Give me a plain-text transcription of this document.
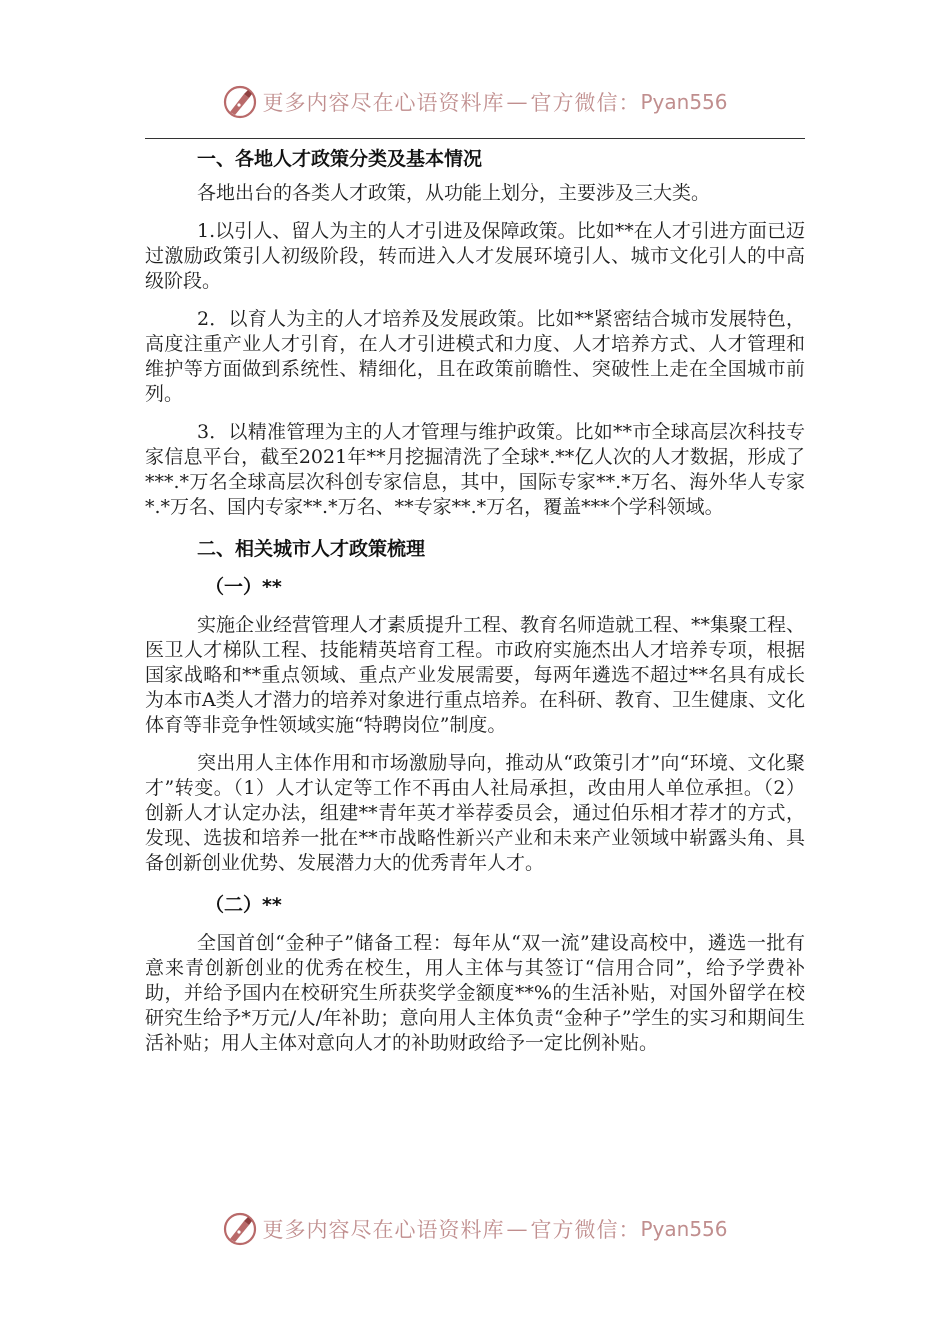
更多内容尽在心语资料库 — 官方微信： Pyan556
一、各地人才政策分类及基本情况

各地出台的各类人才政策，从功能上划分，主要涉及三大类。

1.以引人、留人为主的人才引进及保障政策。比如**在人才引进方面已迈过激励政策引人初级阶段，转而进入人才发展环境引人、城市文化引人的中高级阶段。

2．以育人为主的人才培养及发展政策。比如**紧密结合城市发展特色，高度注重产业人才引育，在人才引进模式和力度、人才培养方式、人才管理和维护等方面做到系统性、精细化，且在政策前瞻性、突破性上走在全国城市前列。

3．以精准管理为主的人才管理与维护政策。比如**市全球高层次科技专家信息平台，截至2021年**月挖掘清洗了全球*.**亿人次的人才数据，形成了***.*万名全球高层次科创专家信息，其中，国际专家**.*万名、海外华人专家*.*万名、国内专家**.*万名、**专家**.*万名，覆盖***个学科领域。

二、相关城市人才政策梳理
（一）**

实施企业经营管理人才素质提升工程、教育名师造就工程、**集聚工程、医卫人才梯队工程、技能精英培育工程。市政府实施杰出人才培养专项，根据国家战略和**重点领域、重点产业发展需要，每两年遴选不超过**名具有成长为本市A类人才潜力的培养对象进行重点培养。在科研、教育、卫生健康、文化体育等非竞争性领域实施“特聘岗位”制度。

突出用人主体作用和市场激励导向，推动从“政策引才”向“环境、文化聚才”转变。（1）人才认定等工作不再由人社局承担，改由用人单位承担。（2）创新人才认定办法，组建**青年英才举荐委员会，通过伯乐相才荐才的方式，发现、选拔和培养一批在**市战略性新兴产业和未来产业领域中崭露头角、具备创新创业优势、发展潜力大的优秀青年人才。

（二）**

全国首创“金种子”储备工程：每年从“双一流”建设高校中，遴选一批有意来青创新创业的优秀在校生，用人主体与其签订“信用合同”，给予学费补助，并给予国内在校研究生所获奖学金额度**%的生活补贴，对国外留学在校研究生给予*万元/人/年补助；意向用人主体负责“金种子”学生的实习和期间生活补贴；用人主体对意向人才的补助财政给予一定比例补贴。

更多内容尽在心语资料库 — 官方微信： Pyan556
